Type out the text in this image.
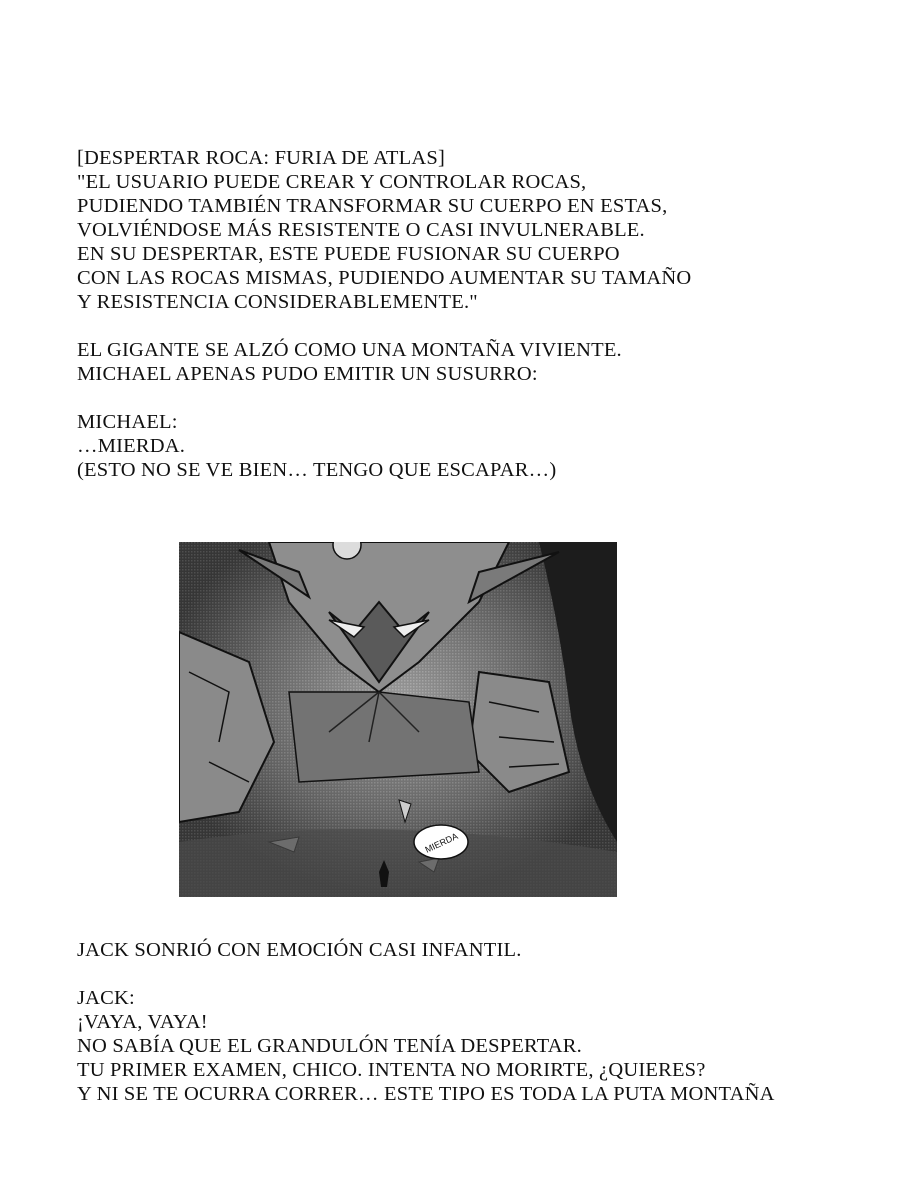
[DESPERTAR ROCA: FURIA DE ATLAS]
"EL USUARIO PUEDE CREAR Y CONTROLAR ROCAS,
PUDIENDO TAMBIÉN TRANSFORMAR SU CUERPO EN ESTAS,
VOLVIÉNDOSE MÁS RESISTENTE O CASI INVULNERABLE.
EN SU DESPERTAR, ESTE PUEDE FUSIONAR SU CUERPO
CON LAS ROCAS MISMAS, PUDIENDO AUMENTAR SU TAMAÑO
Y RESISTENCIA CONSIDERABLEMENTE."
EL GIGANTE SE ALZÓ COMO UNA MONTAÑA VIVIENTE.
MICHAEL APENAS PUDO EMITIR UN SUSURRO:
MICHAEL:
…MIERDA.
(ESTO NO SE VE BIEN… TENGO QUE ESCAPAR…)
MIERDA
JACK SONRIÓ CON EMOCIÓN CASI INFANTIL.
JACK:
¡VAYA, VAYA!
NO SABÍA QUE EL GRANDULÓN TENÍA DESPERTAR.
TU PRIMER EXAMEN, CHICO. INTENTA NO MORIRTE, ¿QUIERES?
Y NI SE TE OCURRA CORRER… ESTE TIPO ES TODA LA PUTA MONTAÑA
